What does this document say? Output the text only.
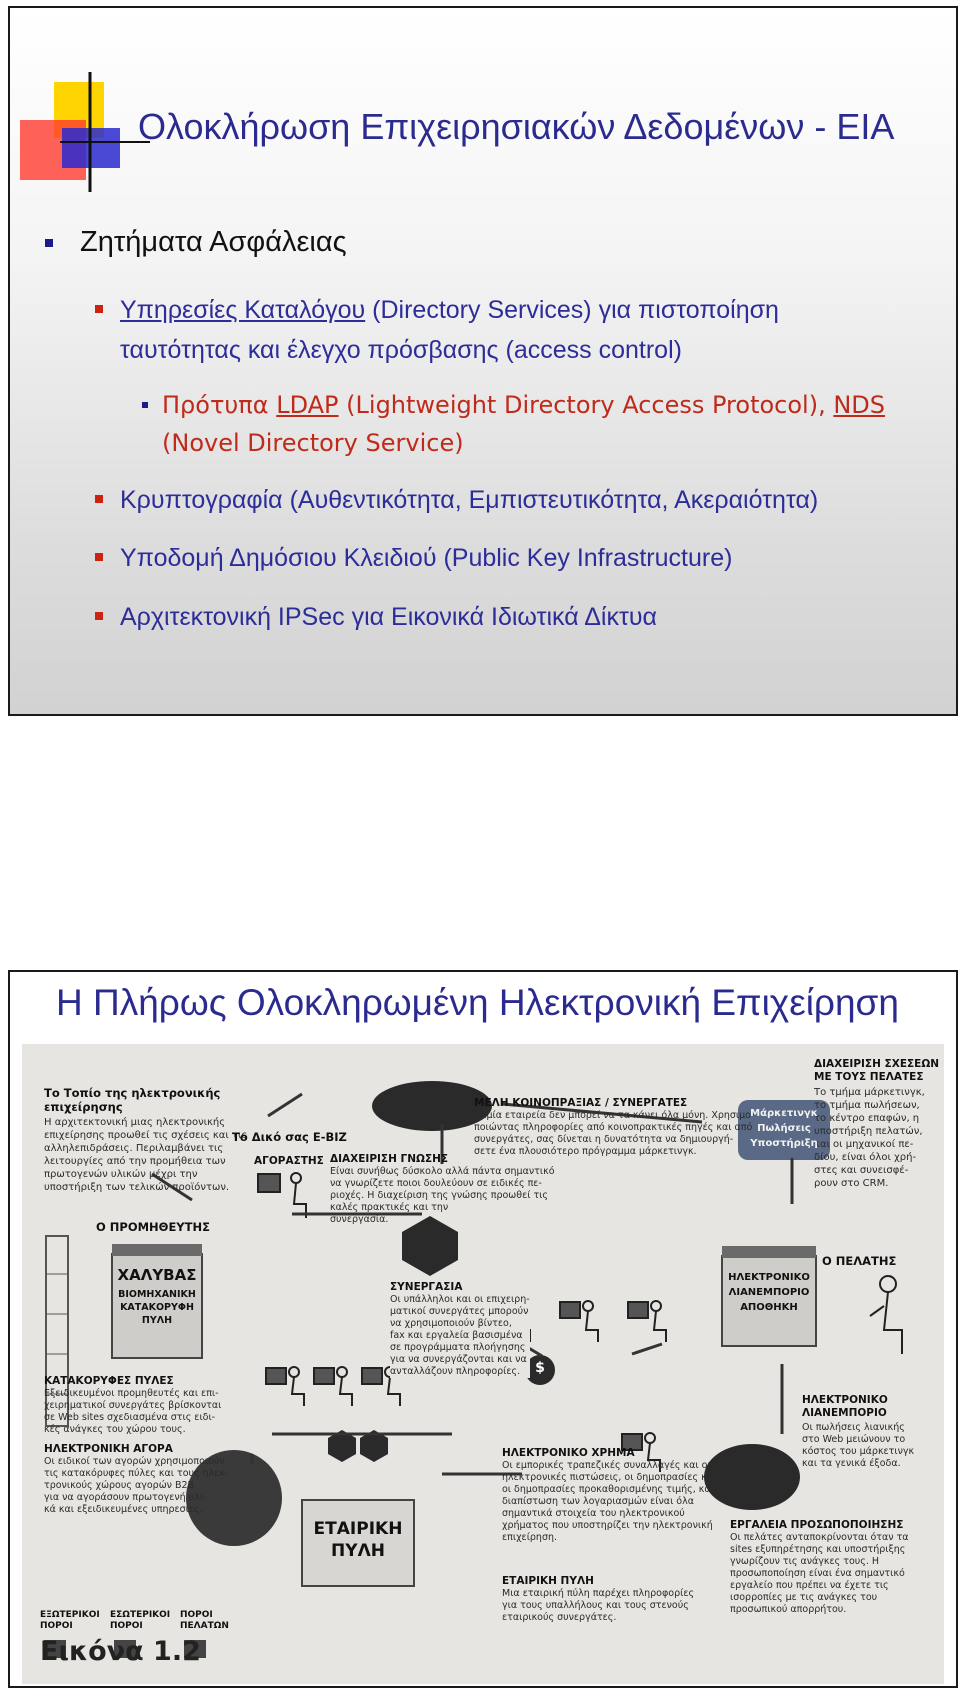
Ολοκλήρωση Επιχειρησιακών Δεδομένων - ΕΙΑ
Ζητήματα Ασφάλειας
Υπηρεσίες Καταλόγου (Directory Services) για πιστοποίηση
ταυτότητας και έλεγχο πρόσβασης (access control)
Πρότυπα LDAP (Lightweight Directory Access Protocol), NDS
(Novel Directory Service)
Κρυπτογραφία (Αυθεντικότητα, Εμπιστευτικότητα, Ακεραιότητα)
Υποδομή Δημόσιου Κλειδιού (Public Key Infrastructure)
Αρχιτεκτονική IPSec για Εικονικά Ιδιωτικά Δίκτυα
Η Πλήρως Ολοκληρωμένη Ηλεκτρονική Επιχείρηση
Το Τοπίο της ηλεκτρονικής
επιχείρησης
Η αρχιτεκτονική μιας ηλεκτρονικής
επιχείρησης προωθεί τις σχέσεις και τις
αλληλεπιδράσεις. Περιλαμβάνει τις
λειτουργίες από την προμήθεια των
πρωτογενών υλικών μέχρι την
υποστήριξη των τελικών προϊόντων.
Το Δικό σας E-BIZ
ΜΕΛΗ ΚΟΙΝΟΠΡΑΞΙΑΣ / ΣΥΝΕΡΓΑΤΕΣ
Καμία εταιρεία δεν μπορεί να τα κάνει όλα μόνη. Χρησιμο-
ποιώντας πληροφορίες από κοινοπρακτικές πηγές και από
συνεργάτες, σας δίνεται η δυνατότητα να δημιουργή-
σετε ένα πλουσιότερο πρόγραμμα μάρκετινγκ.
ΔΙΑΧΕΙΡΙΣΗ ΣΧΕΣΕΩΝ
ΜΕ ΤΟΥΣ ΠΕΛΑΤΕΣ
Το τμήμα μάρκετινγκ,
το τμήμα πωλήσεων,
το κέντρο επαφών, η
υποστήριξη πελατών,
και οι μηχανικοί πε-
δίου, είναι όλοι χρή-
στες και συνεισφέ-
ρουν στο CRM.
Μάρκετινγκ
Πωλήσεις
Υποστήριξη
ΑΓΟΡΑΣΤΗΣ ΔΙΑΧΕΙΡΙΣΗ ΓΝΩΣΗΣ
Είναι συνήθως δύσκολο αλλά πάντα σημαντικό
να γνωρίζετε ποιοι δουλεύουν σε ειδικές πε-
ριοχές. Η διαχείριση της γνώσης προωθεί τις
καλές πρακτικές και την
συνεργασία.
Ο ΠΡΟΜΗΘΕΥΤΗΣ
Ο ΠΕΛΑΤΗΣ
ΧΑΛΥΒΑΣ
ΒΙΟΜΗΧΑΝΙΚΗ
ΚΑΤΑΚΟΡΥΦΗ
ΠΥΛΗ
ΗΛΕΚΤΡΟΝΙΚΟ
ΛΙΑΝΕΜΠΟΡΙΟ
ΑΠΟΘΗΚΗ
ΣΥΝΕΡΓΑΣΙΑ
Οι υπάλληλοι και οι επιχειρη-
ματικοί συνεργάτες μπορούν
να χρησιμοποιούν βίντεο,
fax και εργαλεία βασισμένα
σε προγράμματα πλοήγησης
για να συνεργάζονται και να
ανταλλάζουν πληροφορίες.
ΚΑΤΑΚΟΡΥΦΕΣ ΠΥΛΕΣ
Εξειδικευμένοι προμηθευτές και επι-
χειρηματικοί συνεργάτες βρίσκονται
σε Web sites σχεδιασμένα στις ειδι-
κές ανάγκες του χώρου τους.
ΗΛΕΚΤΡΟΝΙΚΗ ΑΓΟΡΑ
Οι ειδικοί των αγορών χρησιμοποιούν
τις κατακόρυφες πύλες και τους ηλεκ-
τρονικούς χώρους αγορών B2B
για να αγοράσουν πρωτογενή υλι-
κά και εξειδικευμένες υπηρεσίες.
ΗΛΕΚΤΡΟΝΙΚΟ
ΛΙΑΝΕΜΠΟΡΙΟ
Οι πωλήσεις λιανικής
στο Web μειώνουν το
κόστος του μάρκετινγκ
και τα γενικά έξοδα.
ΗΛΕΚΤΡΟΝΙΚΟ ΧΡΗΜΑ
Οι εμπορικές τραπεζικές συναλλαγές και οι
ηλεκτρονικές πιστώσεις, οι δημοπρασίες και
οι δημοπρασίες προκαθορισμένης τιμής, και η
διαπίστωση των λογαριασμών είναι όλα
σημαντικά στοιχεία του ηλεκτρονικού
χρήματος που υποστηρίζει την ηλεκτρονική
επιχείρηση.
ΕΡΓΑΛΕΙΑ ΠΡΟΣΩΠΟΠΟΙΗΣΗΣ
Οι πελάτες ανταποκρίνονται όταν τα
sites εξυπηρέτησης και υποστήριξης
γνωρίζουν τις ανάγκες τους. Η
προσωποποίηση είναι ένα σημαντικό
εργαλείο που πρέπει να έχετε τις
ισορροπίες με τις ανάγκες του
προσωπικού απορρήτου.
ΕΤΑΙΡΙΚΗ
ΠΥΛΗ
ΕΤΑΙΡΙΚΗ ΠΥΛΗ
Μια εταιρική πύλη παρέχει πληροφορίες
για τους υπαλλήλους και τους στενούς
εταιρικούς συνεργάτες.
ΕΞΩΤΕΡΙΚΟΙ
ΠΟΡΟΙ
ΕΣΩΤΕΡΙΚΟΙ
ΠΟΡΟΙ
ΠΟΡΟΙ
ΠΕΛΑΤΩΝ
$
Εικόνα 1.2
